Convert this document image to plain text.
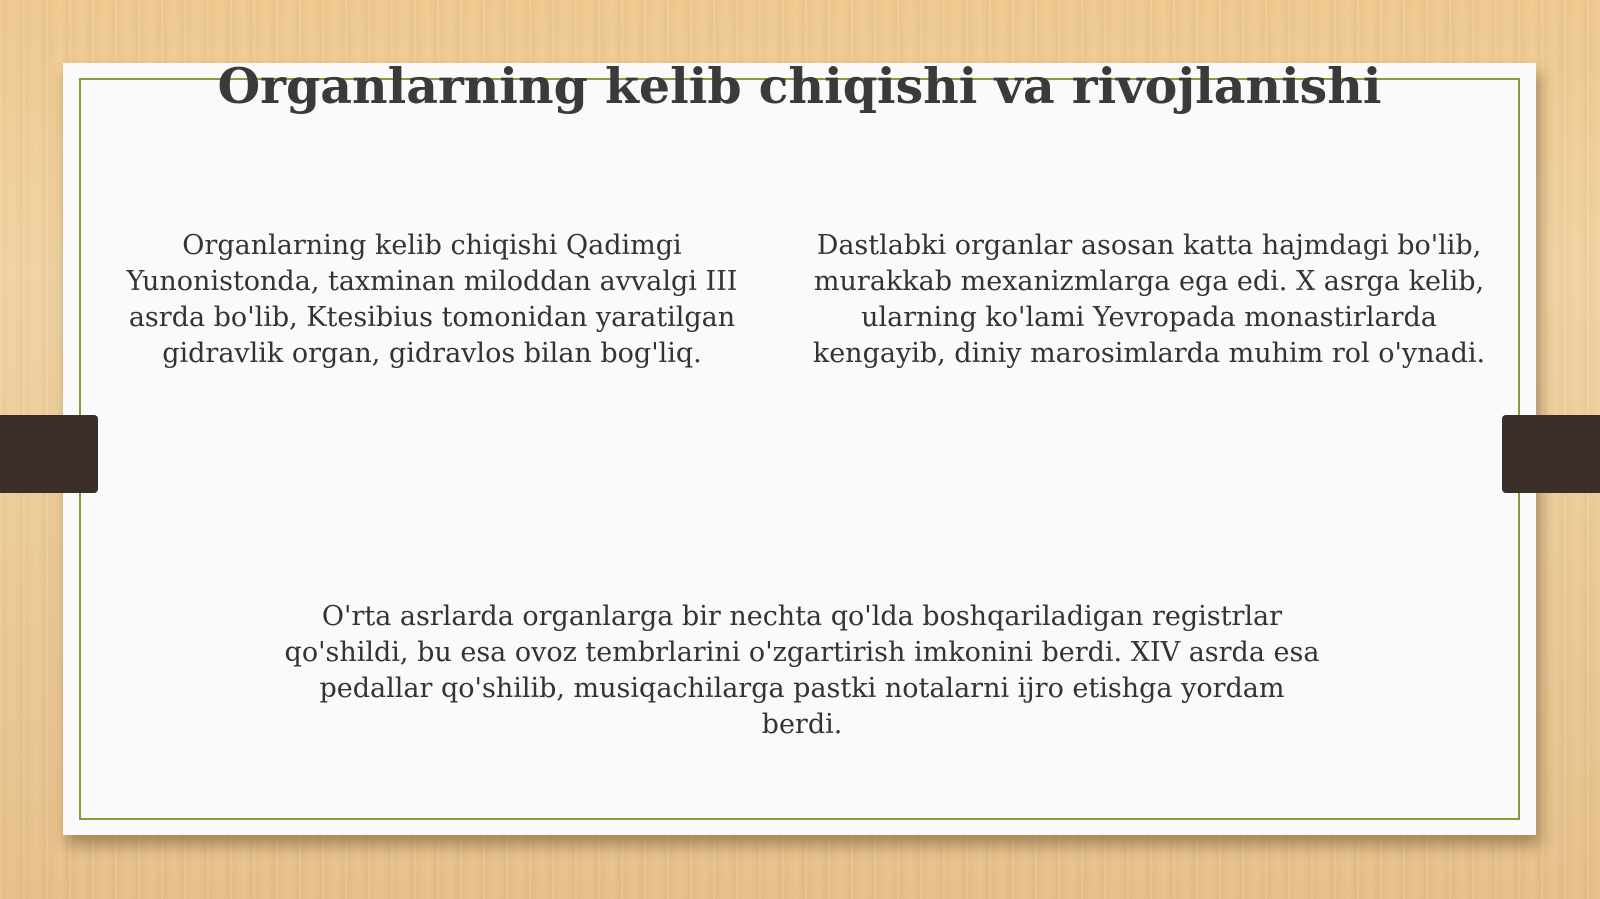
Organlarning kelib chiqishi va rivojlanishi

Organlarning kelib chiqishi Qadimgi Yunonistonda, taxminan miloddan avvalgi III asrda bo'lib, Ktesibius tomonidan yaratilgan gidravlik organ, gidravlos bilan bog'liq.

Dastlabki organlar asosan katta hajmdagi bo'lib, murakkab mexanizmlarga ega edi. X asrga kelib, ularning ko'lami Yevropada monastirlarda kengayib, diniy marosimlarda muhim rol o'ynadi.

O'rta asrlarda organlarga bir nechta qo'lda boshqariladigan registrlar qo'shildi, bu esa ovoz tembrlarini o'zgartirish imkonini berdi. XIV asrda esa pedallar qo'shilib, musiqachilarga pastki notalarni ijro etishga yordam berdi.
